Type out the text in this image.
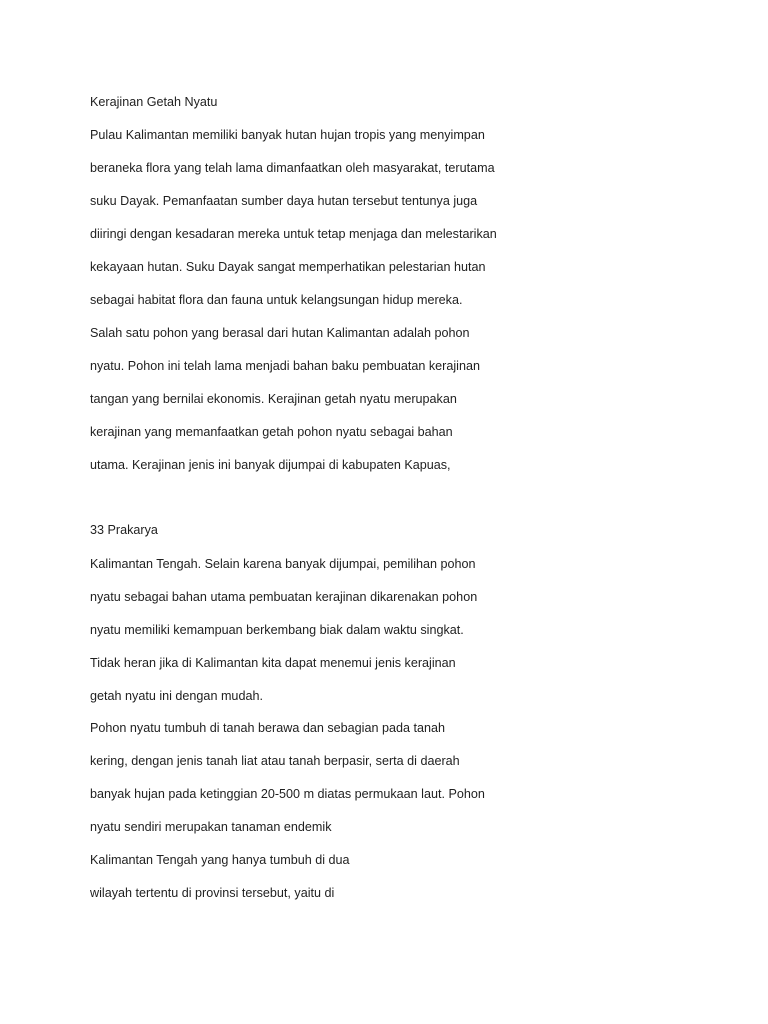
Kerajinan Getah Nyatu

Pulau Kalimantan memiliki banyak hutan hujan tropis yang menyimpan

beraneka flora yang telah lama dimanfaatkan oleh masyarakat, terutama

suku Dayak. Pemanfaatan sumber daya hutan tersebut tentunya juga

diiringi dengan kesadaran mereka untuk tetap menjaga dan melestarikan

kekayaan hutan. Suku Dayak sangat memperhatikan pelestarian hutan

sebagai habitat flora dan fauna untuk kelangsungan hidup mereka.

Salah satu pohon yang berasal dari hutan Kalimantan adalah pohon

nyatu. Pohon ini telah lama menjadi bahan baku pembuatan kerajinan

tangan yang bernilai ekonomis. Kerajinan getah nyatu merupakan

kerajinan yang memanfaatkan getah pohon nyatu sebagai bahan

utama. Kerajinan jenis ini banyak dijumpai di kabupaten Kapuas,

33 Prakarya

Kalimantan Tengah. Selain karena banyak dijumpai, pemilihan pohon

nyatu sebagai bahan utama pembuatan kerajinan dikarenakan pohon

nyatu memiliki kemampuan berkembang biak dalam waktu singkat.

Tidak heran jika di Kalimantan kita dapat menemui jenis kerajinan

getah nyatu ini dengan mudah.

Pohon nyatu tumbuh di tanah berawa dan sebagian pada tanah

kering, dengan jenis tanah liat atau tanah berpasir, serta di daerah

banyak hujan pada ketinggian 20-500 m diatas permukaan laut. Pohon

nyatu sendiri merupakan tanaman endemik

Kalimantan Tengah yang hanya tumbuh di dua

wilayah tertentu di provinsi tersebut, yaitu di
